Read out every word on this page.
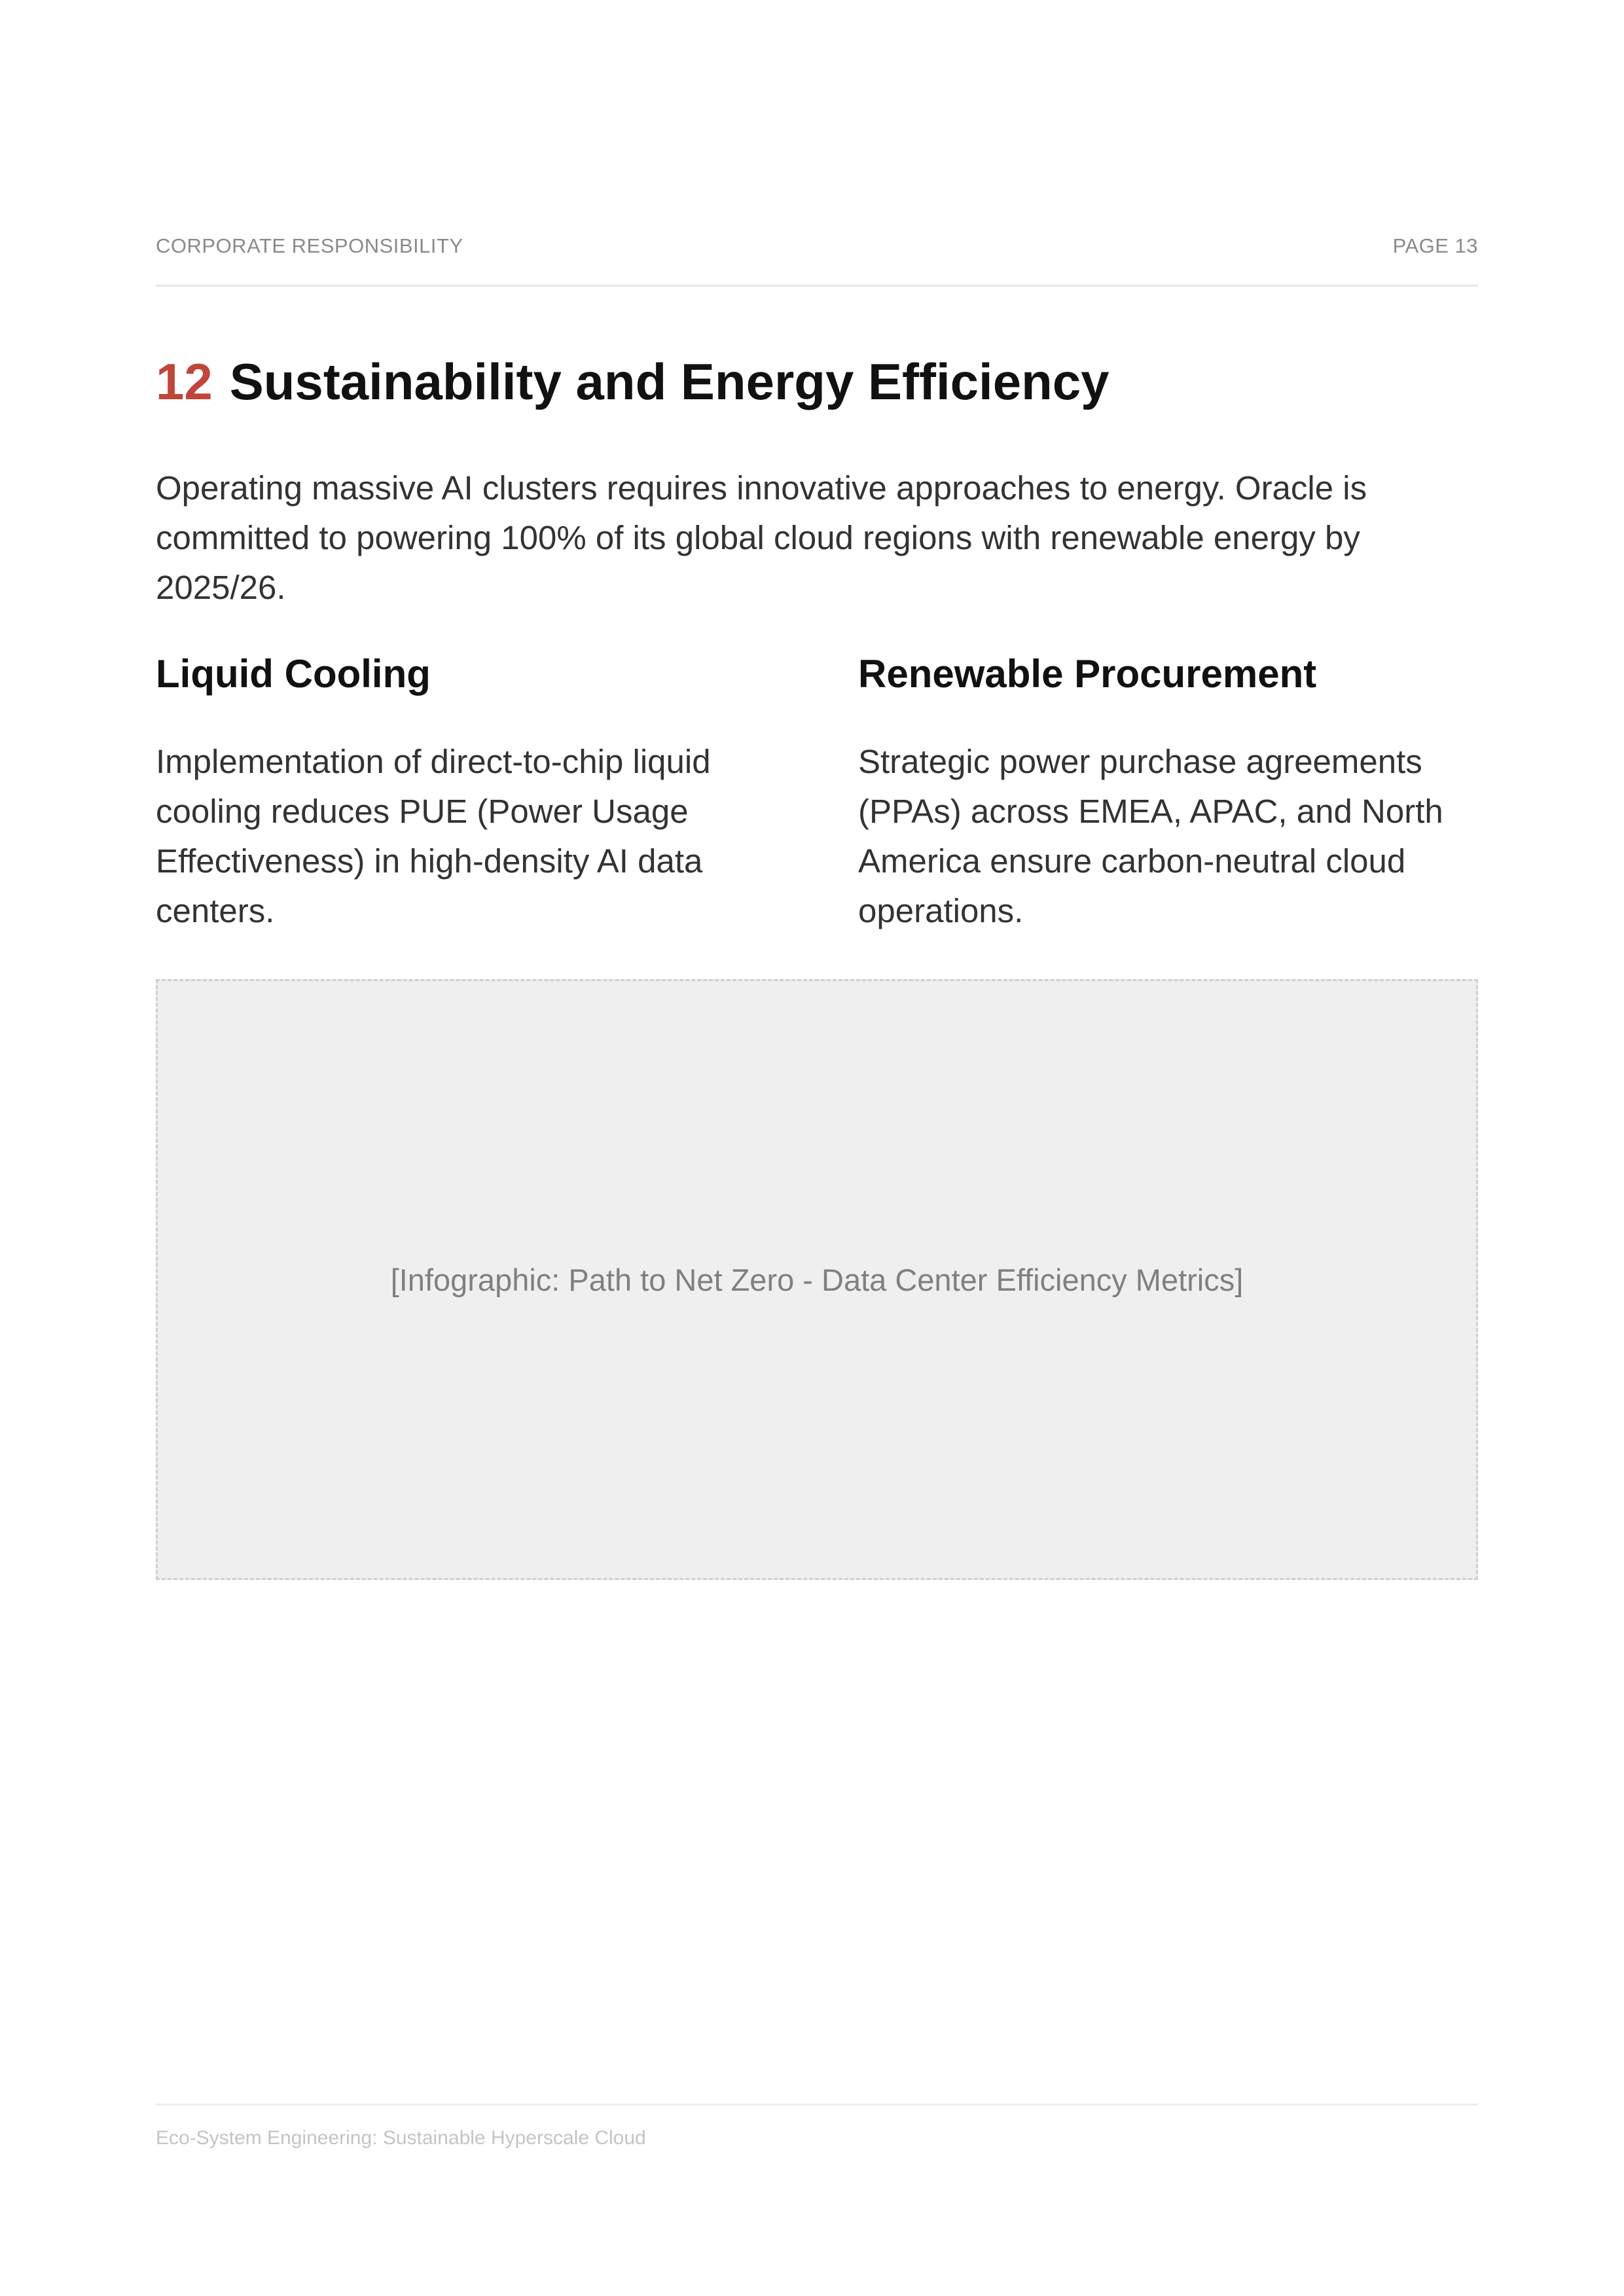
CORPORATE RESPONSIBILITY	PAGE 13
12 Sustainability and Energy Efficiency

Operating massive AI clusters requires innovative approaches to energy. Oracle is committed to powering 100% of its global cloud regions with renewable energy by 2025/26.

Liquid Cooling

Implementation of direct-to-chip liquid cooling reduces PUE (Power Usage Effectiveness) in high-density AI data centers.

Renewable Procurement

Strategic power purchase agreements (PPAs) across EMEA, APAC, and North America ensure carbon-neutral cloud operations.

[Infographic: Path to Net Zero - Data Center Efficiency Metrics]
Eco-System Engineering: Sustainable Hyperscale Cloud
